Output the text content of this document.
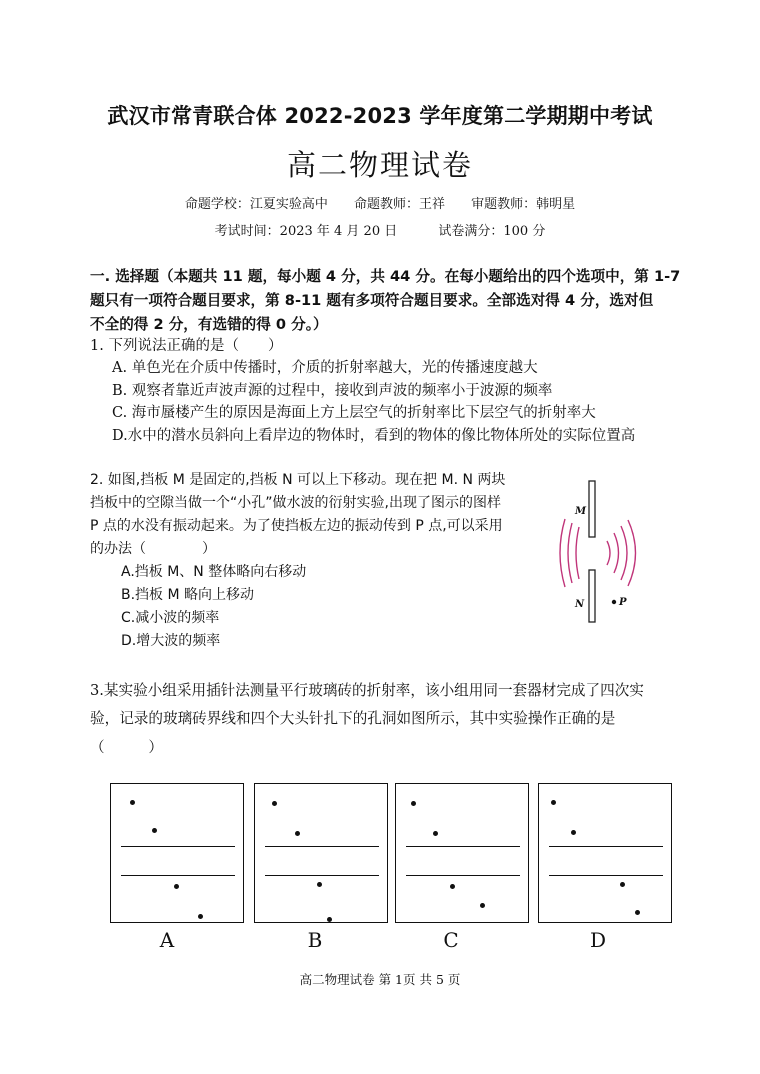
武汉市常青联合体 2022-2023 学年度第二学期期中考试
高二物理试卷
命题学校：江夏实验高中 命题教师：王祥 审题教师：韩明星
考试时间：2023 年 4 月 20 日	试卷满分：100 分
一. 选择题（本题共 11 题，每小题 4 分，共 44 分。在每小题给出的四个选项中，第 1-7
题只有一项符合题目要求，第 8-11 题有多项符合题目要求。全部选对得 4 分，选对但
不全的得 2 分，有选错的得 0 分。）
1. 下列说法正确的是（　　）
A. 单色光在介质中传播时，介质的折射率越大，光的传播速度越大
B. 观察者靠近声波声源的过程中，接收到声波的频率小于波源的频率
C. 海市蜃楼产生的原因是海面上方上层空气的折射率比下层空气的折射率大
D.水中的潜水员斜向上看岸边的物体时，看到的物体的像比物体所处的实际位置高
2. 如图,挡板 M 是固定的,挡板 N 可以上下移动。现在把 M. N 两块
挡板中的空隙当做一个“小孔”做水波的衍射实验,出现了图示的图样
P 点的水没有振动起来。为了使挡板左边的振动传到 P 点,可以采用
的办法（　　　　）
A.挡板 M、N 整体略向右移动
B.挡板 M 略向上移动
C.减小波的频率
D.增大波的频率
M
N	P
3.某实验小组采用插针法测量平行玻璃砖的折射率，该小组用同一套器材完成了四次实
验，记录的玻璃砖界线和四个大头针扎下的孔洞如图所示，其中实验操作正确的是
（　　　）
A	B	C	D
高二物理试卷 第 1页 共 5 页
